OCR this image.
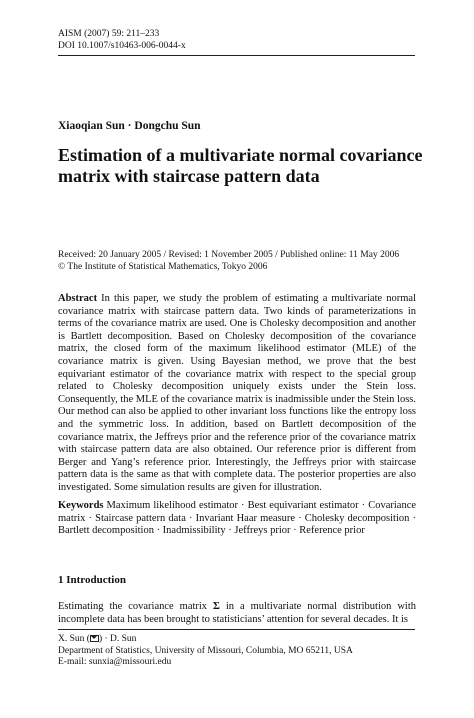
AISM (2007) 59: 211–233
DOI 10.1007/s10463-006-0044-x
Xiaoqian Sun · Dongchu Sun
Estimation of a multivariate normal covariance matrix with staircase pattern data
Received: 20 January 2005 / Revised: 1 November 2005 / Published online: 11 May 2006
© The Institute of Statistical Mathematics, Tokyo 2006
Abstract In this paper, we study the problem of estimating a multivariate normal covariance matrix with staircase pattern data. Two kinds of parameterizations in terms of the covariance matrix are used. One is Cholesky decomposition and another is Bartlett decomposition. Based on Cholesky decomposition of the covariance matrix, the closed form of the maximum likelihood estimator (MLE) of the covariance matrix is given. Using Bayesian method, we prove that the best equivariant estimator of the covariance matrix with respect to the special group related to Cholesky decomposition uniquely exists under the Stein loss. Consequently, the MLE of the covariance matrix is inadmissible under the Stein loss. Our method can also be applied to other invariant loss functions like the entropy loss and the symmetric loss. In addition, based on Bartlett decomposition of the covariance matrix, the Jeffreys prior and the reference prior of the covariance matrix with staircase pattern data are also obtained. Our reference prior is different from Berger and Yang’s reference prior. Interestingly, the Jeffreys prior with staircase pattern data is the same as that with complete data. The posterior properties are also investigated. Some simulation results are given for illustration.
Keywords Maximum likelihood estimator · Best equivariant estimator · Covariance matrix · Staircase pattern data · Invariant Haar measure · Cholesky decomposition · Bartlett decomposition · Inadmissibility · Jeffreys prior · Reference prior
1 Introduction
Estimating the covariance matrix Σ in a multivariate normal distribution with incomplete data has been brought to statisticians’ attention for several decades. It is
X. Sun ( ) · D. Sun
Department of Statistics, University of Missouri, Columbia, MO 65211, USA
E-mail: sunxia@missouri.edu
